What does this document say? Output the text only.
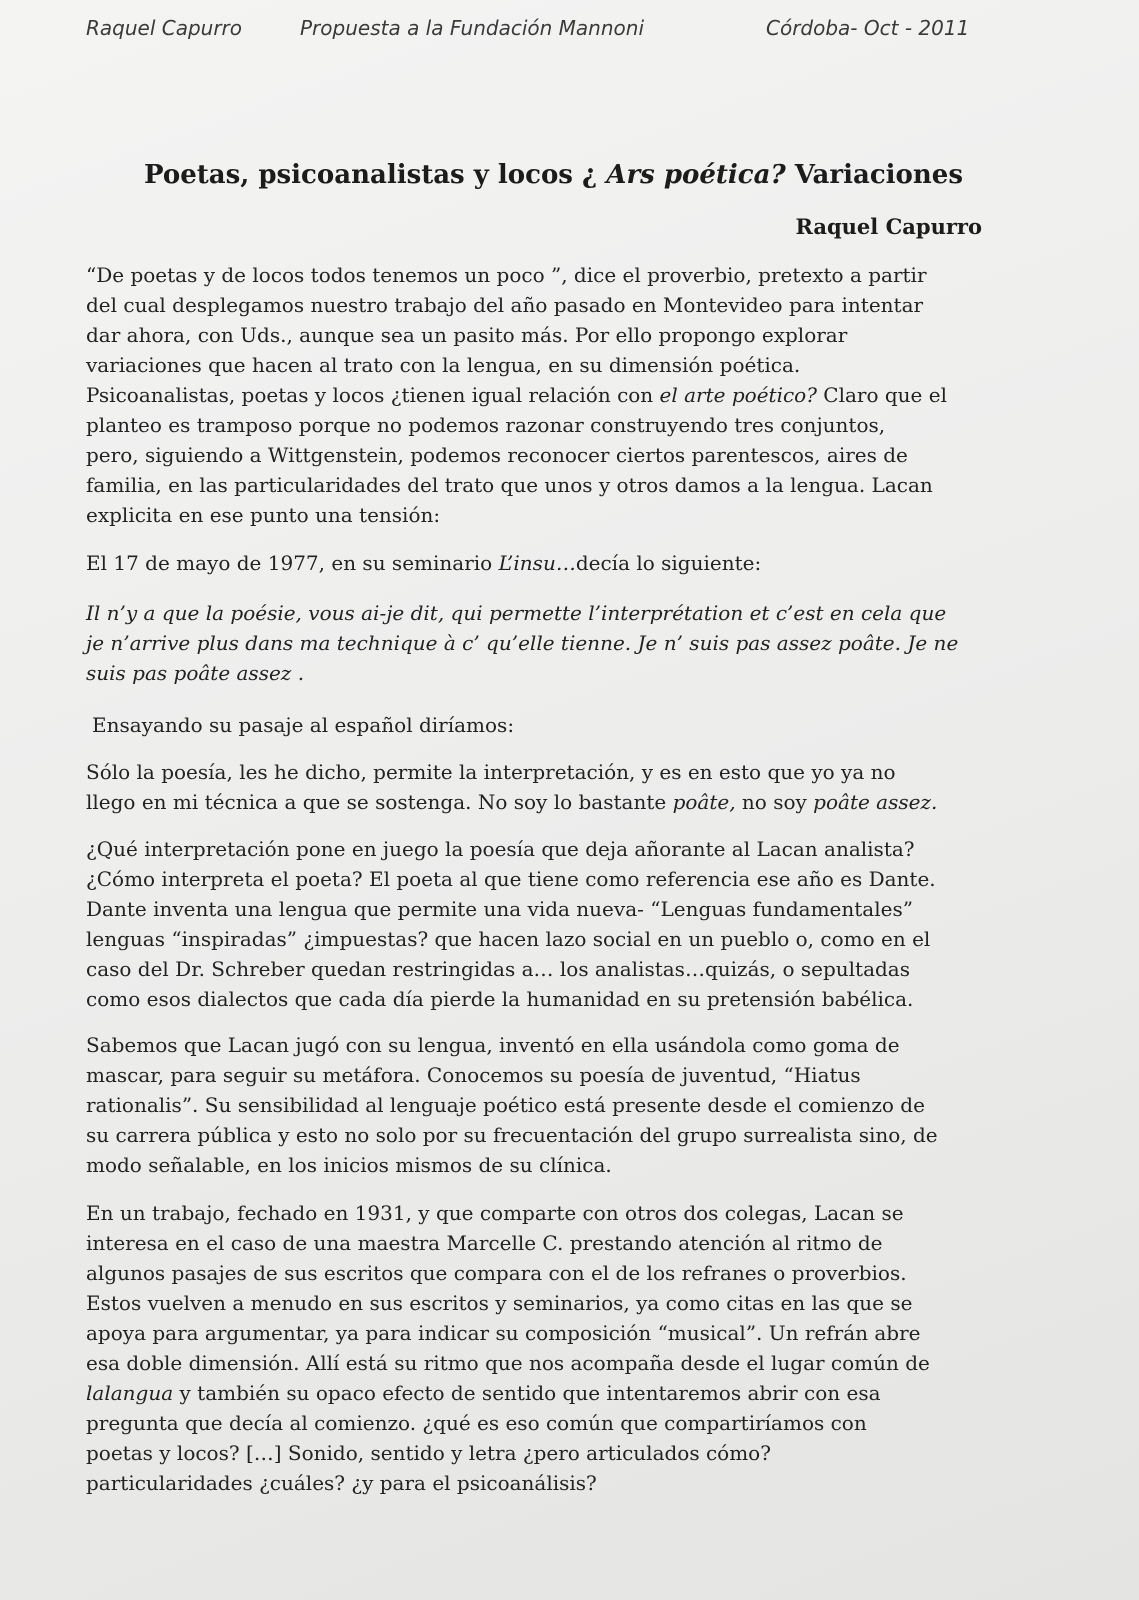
Raquel Capurro	Propuesta a la Fundación Mannoni	Córdoba- Oct - 2011
Poetas, psicoanalistas y locos ¿ Ars poética? Variaciones
Raquel Capurro
“De poetas y de locos todos tenemos un poco ”, dice el proverbio, pretexto a partir
del cual desplegamos nuestro trabajo del año pasado en Montevideo para intentar
dar ahora, con Uds., aunque sea un pasito más. Por ello propongo explorar
variaciones que hacen al trato con la lengua, en su dimensión poética.
Psicoanalistas, poetas y locos ¿tienen igual relación con el arte poético? Claro que el
planteo es tramposo porque no podemos razonar construyendo tres conjuntos,
pero, siguiendo a Wittgenstein, podemos reconocer ciertos parentescos, aires de
familia, en las particularidades del trato que unos y otros damos a la lengua. Lacan
explicita en ese punto una tensión:
El 17 de mayo de 1977, en su seminario L’insu…decía lo siguiente:
Il n’y a que la poésie, vous ai-je dit, qui permette l’interprétation et c’est en cela que
je n’arrive plus dans ma technique à c’ qu’elle tienne. Je n’ suis pas assez poâte. Je ne
suis pas poâte assez .
Ensayando su pasaje al español diríamos:
Sólo la poesía, les he dicho, permite la interpretación, y es en esto que yo ya no
llego en mi técnica a que se sostenga. No soy lo bastante poâte, no soy poâte assez.
¿Qué interpretación pone en juego la poesía que deja añorante al Lacan analista?
¿Cómo interpreta el poeta? El poeta al que tiene como referencia ese año es Dante.
Dante inventa una lengua que permite una vida nueva- “Lenguas fundamentales”
lenguas “inspiradas” ¿impuestas? que hacen lazo social en un pueblo o, como en el
caso del Dr. Schreber quedan restringidas a… los analistas…quizás, o sepultadas
como esos dialectos que cada día pierde la humanidad en su pretensión babélica.
Sabemos que Lacan jugó con su lengua, inventó en ella usándola como goma de
mascar, para seguir su metáfora. Conocemos su poesía de juventud, “Hiatus
rationalis”. Su sensibilidad al lenguaje poético está presente desde el comienzo de
su carrera pública y esto no solo por su frecuentación del grupo surrealista sino, de
modo señalable, en los inicios mismos de su clínica.
En un trabajo, fechado en 1931, y que comparte con otros dos colegas, Lacan se
interesa en el caso de una maestra Marcelle C. prestando atención al ritmo de
algunos pasajes de sus escritos que compara con el de los refranes o proverbios.
Estos vuelven a menudo en sus escritos y seminarios, ya como citas en las que se
apoya para argumentar, ya para indicar su composición “musical”. Un refrán abre
esa doble dimensión. Allí está su ritmo que nos acompaña desde el lugar común de
lalangua y también su opaco efecto de sentido que intentaremos abrir con esa
pregunta que decía al comienzo. ¿qué es eso común que compartiríamos con
poetas y locos? […] Sonido, sentido y letra ¿pero articulados cómo?
particularidades ¿cuáles? ¿y para el psicoanálisis?
